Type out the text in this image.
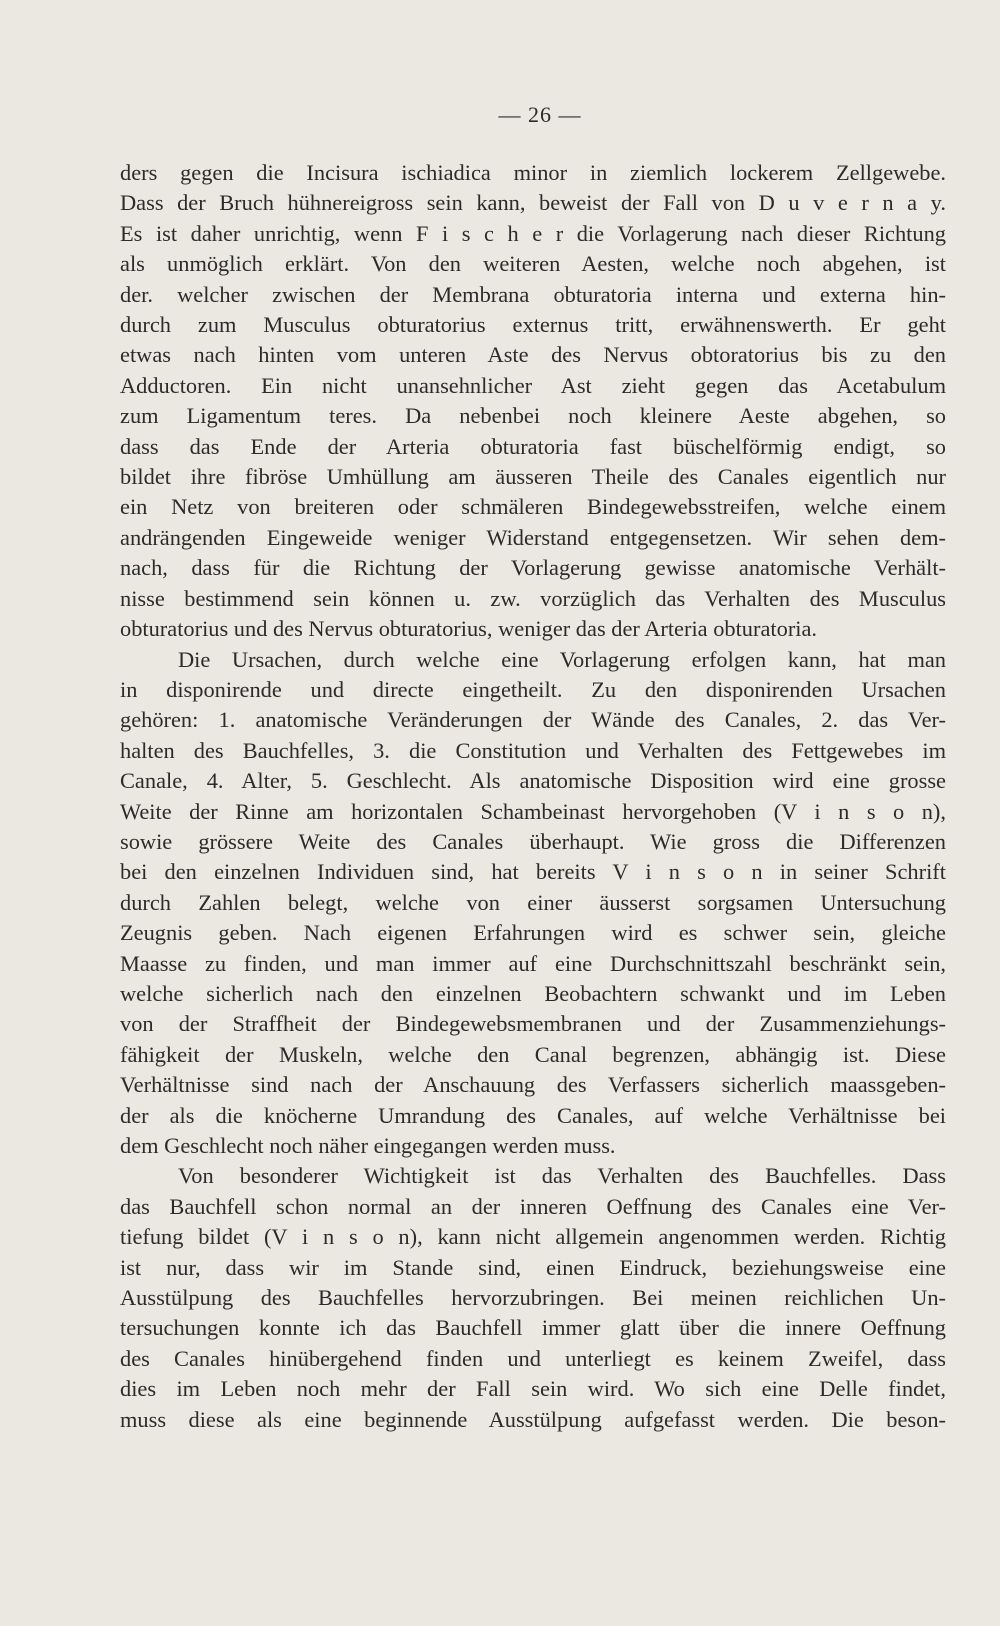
— 26 —
ders gegen die Incisura ischiadica minor in ziemlich lockerem Zellgewebe.
Dass der Bruch hühnereigross sein kann, beweist der Fall von D u v e r n a y.
Es ist daher unrichtig, wenn F i s c h e r die Vorlagerung nach dieser Richtung
als unmöglich erklärt. Von den weiteren Aesten, welche noch abgehen, ist
der. welcher zwischen der Membrana obturatoria interna und externa hin-
durch zum Musculus obturatorius externus tritt, erwähnenswerth. Er geht
etwas nach hinten vom unteren Aste des Nervus obtoratorius bis zu den
Adductoren. Ein nicht unansehnlicher Ast zieht gegen das Acetabulum
zum Ligamentum teres. Da nebenbei noch kleinere Aeste abgehen, so
dass das Ende der Arteria obturatoria fast büschelförmig endigt, so
bildet ihre fibröse Umhüllung am äusseren Theile des Canales eigentlich nur
ein Netz von breiteren oder schmäleren Bindegewebsstreifen, welche einem
andrängenden Eingeweide weniger Widerstand entgegensetzen. Wir sehen dem-
nach, dass für die Richtung der Vorlagerung gewisse anatomische Verhält-
nisse bestimmend sein können u. zw. vorzüglich das Verhalten des Musculus
obturatorius und des Nervus obturatorius, weniger das der Arteria obturatoria.
Die Ursachen, durch welche eine Vorlagerung erfolgen kann, hat man
in disponirende und directe eingetheilt. Zu den disponirenden Ursachen
gehören: 1. anatomische Veränderungen der Wände des Canales, 2. das Ver-
halten des Bauchfelles, 3. die Constitution und Verhalten des Fettgewebes im
Canale, 4. Alter, 5. Geschlecht. Als anatomische Disposition wird eine grosse
Weite der Rinne am horizontalen Schambeinast hervorgehoben (V i n s o n),
sowie grössere Weite des Canales überhaupt. Wie gross die Differenzen
bei den einzelnen Individuen sind, hat bereits V i n s o n in seiner Schrift
durch Zahlen belegt, welche von einer äusserst sorgsamen Untersuchung
Zeugnis geben. Nach eigenen Erfahrungen wird es schwer sein, gleiche
Maasse zu finden, und man immer auf eine Durchschnittszahl beschränkt sein,
welche sicherlich nach den einzelnen Beobachtern schwankt und im Leben
von der Straffheit der Bindegewebsmembranen und der Zusammenziehungs-
fähigkeit der Muskeln, welche den Canal begrenzen, abhängig ist. Diese
Verhältnisse sind nach der Anschauung des Verfassers sicherlich maassgeben-
der als die knöcherne Umrandung des Canales, auf welche Verhältnisse bei
dem Geschlecht noch näher eingegangen werden muss.
Von besonderer Wichtigkeit ist das Verhalten des Bauchfelles. Dass
das Bauchfell schon normal an der inneren Oeffnung des Canales eine Ver-
tiefung bildet (V i n s o n), kann nicht allgemein angenommen werden. Richtig
ist nur, dass wir im Stande sind, einen Eindruck, beziehungsweise eine
Ausstülpung des Bauchfelles hervorzubringen. Bei meinen reichlichen Un-
tersuchungen konnte ich das Bauchfell immer glatt über die innere Oeffnung
des Canales hinübergehend finden und unterliegt es keinem Zweifel, dass
dies im Leben noch mehr der Fall sein wird. Wo sich eine Delle findet,
muss diese als eine beginnende Ausstülpung aufgefasst werden. Die beson-
